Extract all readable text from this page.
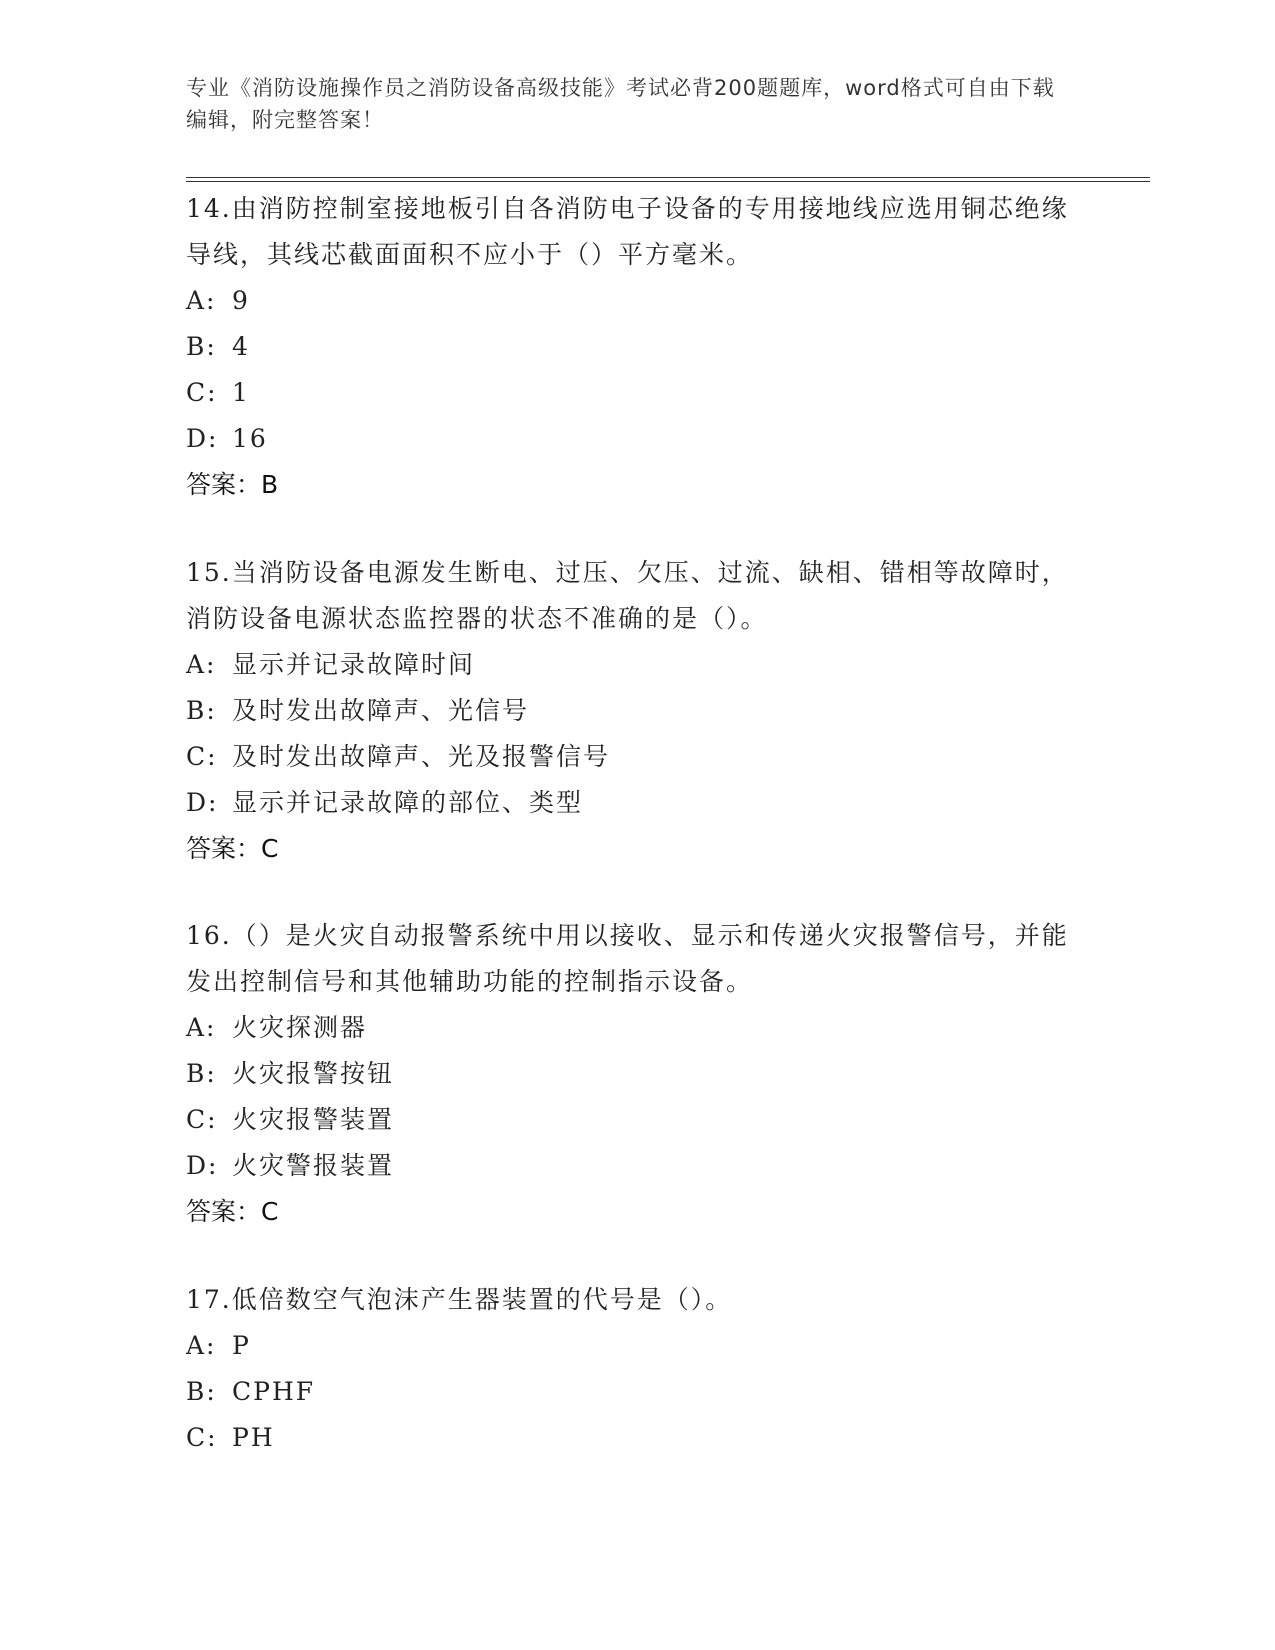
专业《消防设施操作员之消防设备高级技能》考试必背200题题库，word格式可自由下载编辑，附完整答案！

14.由消防控制室接地板引自各消防电子设备的专用接地线应选用铜芯绝缘导线，其线芯截面面积不应小于（）平方毫米。

A: 9

B: 4

C: 1

D: 16

答案：B

15.当消防设备电源发生断电、过压、欠压、过流、缺相、错相等故障时，消防设备电源状态监控器的状态不准确的是（）。

A: 显示并记录故障时间

B: 及时发出故障声、光信号

C: 及时发出故障声、光及报警信号

D: 显示并记录故障的部位、类型

答案：C

16.（）是火灾自动报警系统中用以接收、显示和传递火灾报警信号，并能发出控制信号和其他辅助功能的控制指示设备。

A: 火灾探测器

B: 火灾报警按钮

C: 火灾报警装置

D: 火灾警报装置

答案：C

17.低倍数空气泡沫产生器装置的代号是（）。

A: P

B: CPHF

C: PH
